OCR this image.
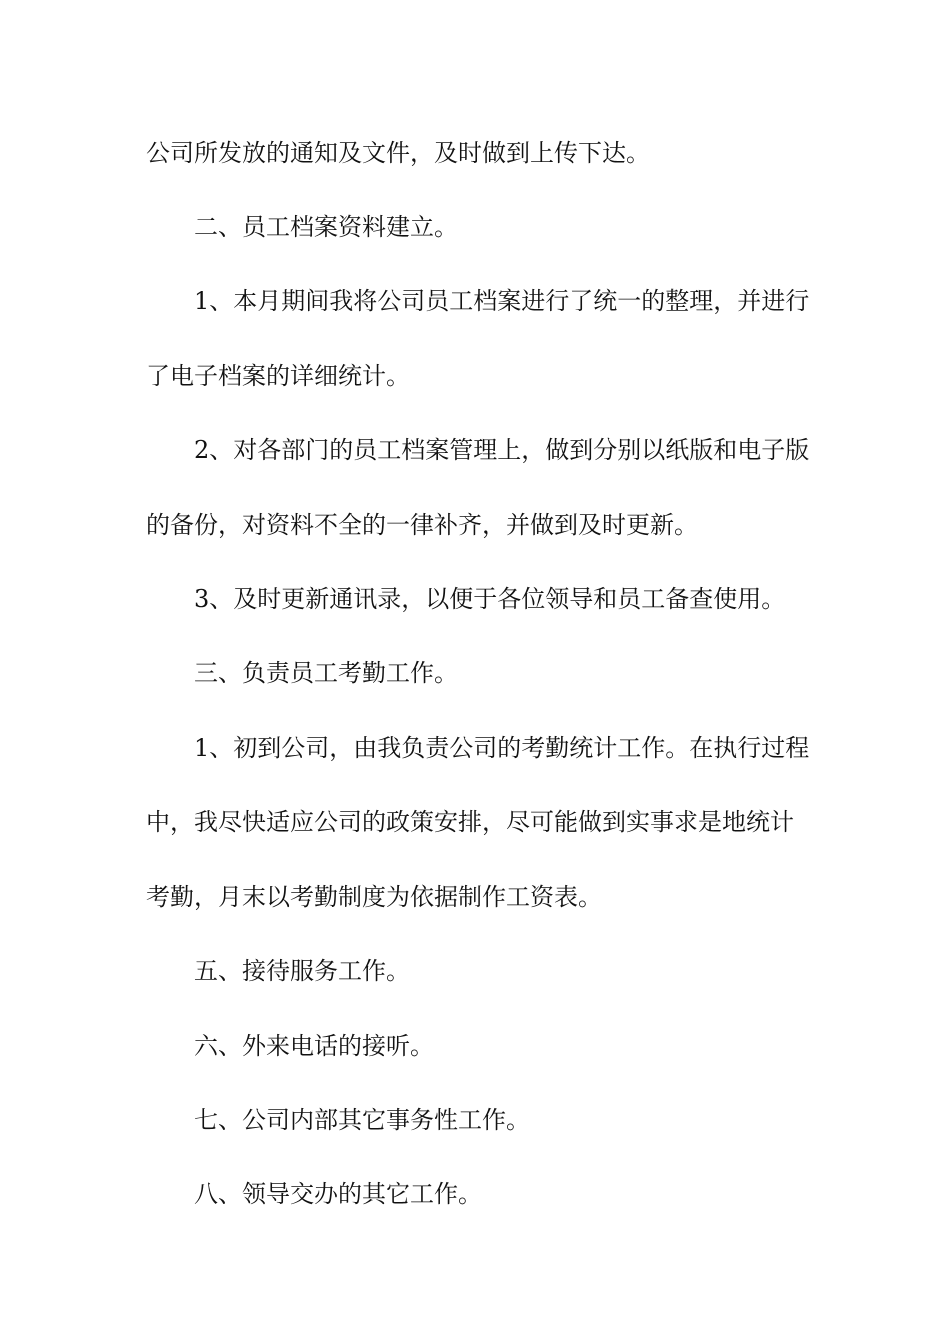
公司所发放的通知及文件，及时做到上传下达。
二、员工档案资料建立。
1、本月期间我将公司员工档案进行了统一的整理，并进行
了电子档案的详细统计。
2、对各部门的员工档案管理上，做到分别以纸版和电子版
的备份，对资料不全的一律补齐，并做到及时更新。
3、及时更新通讯录，以便于各位领导和员工备查使用。
三、负责员工考勤工作。
1、初到公司，由我负责公司的考勤统计工作。在执行过程
中，我尽快适应公司的政策安排，尽可能做到实事求是地统计
考勤，月末以考勤制度为依据制作工资表。
五、接待服务工作。
六、外来电话的接听。
七、公司内部其它事务性工作。
八、领导交办的其它工作。
